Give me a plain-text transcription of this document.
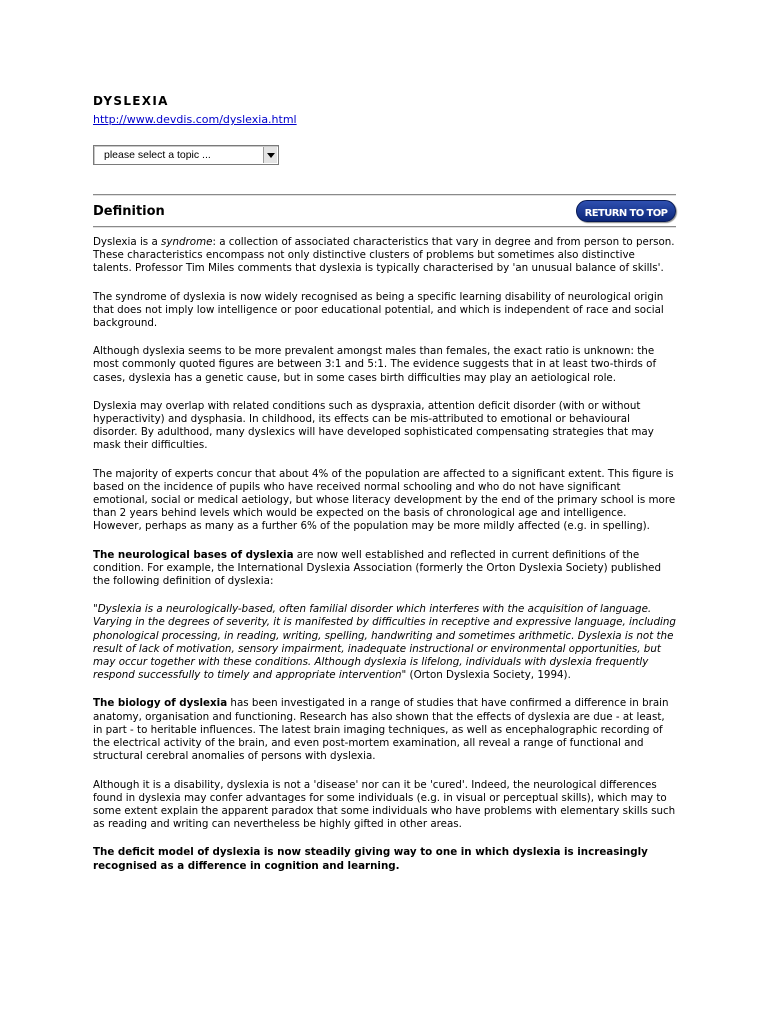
DYSLEXIA
http://www.devdis.com/dyslexia.html
please select a topic ...
Definition	RETURN TO TOP

Dyslexia is a syndrome: a collection of associated characteristics that vary in degree and from person to person. These characteristics encompass not only distinctive clusters of problems but sometimes also distinctive talents. Professor Tim Miles comments that dyslexia is typically characterised by 'an unusual balance of skills'.

The syndrome of dyslexia is now widely recognised as being a specific learning disability of neurological origin that does not imply low intelligence or poor educational potential, and which is independent of race and social background.

Although dyslexia seems to be more prevalent amongst males than females, the exact ratio is unknown: the most commonly quoted figures are between 3:1 and 5:1. The evidence suggests that in at least two-thirds of cases, dyslexia has a genetic cause, but in some cases birth difficulties may play an aetiological role.

Dyslexia may overlap with related conditions such as dyspraxia, attention deficit disorder (with or without hyperactivity) and dysphasia. In childhood, its effects can be mis-attributed to emotional or behavioural disorder. By adulthood, many dyslexics will have developed sophisticated compensating strategies that may mask their difficulties.

The majority of experts concur that about 4% of the population are affected to a significant extent. This figure is based on the incidence of pupils who have received normal schooling and who do not have significant emotional, social or medical aetiology, but whose literacy development by the end of the primary school is more than 2 years behind levels which would be expected on the basis of chronological age and intelligence. However, perhaps as many as a further 6% of the population may be more mildly affected (e.g. in spelling).

The neurological bases of dyslexia are now well established and reflected in current definitions of the condition. For example, the International Dyslexia Association (formerly the Orton Dyslexia Society) published the following definition of dyslexia:

"Dyslexia is a neurologically-based, often familial disorder which interferes with the acquisition of language. Varying in the degrees of severity, it is manifested by difficulties in receptive and expressive language, including phonological processing, in reading, writing, spelling, handwriting and sometimes arithmetic. Dyslexia is not the result of lack of motivation, sensory impairment, inadequate instructional or environmental opportunities, but may occur together with these conditions. Although dyslexia is lifelong, individuals with dyslexia frequently respond successfully to timely and appropriate intervention" (Orton Dyslexia Society, 1994).

The biology of dyslexia has been investigated in a range of studies that have confirmed a difference in brain anatomy, organisation and functioning. Research has also shown that the effects of dyslexia are due - at least, in part - to heritable influences. The latest brain imaging techniques, as well as encephalographic recording of the electrical activity of the brain, and even post-mortem examination, all reveal a range of functional and structural cerebral anomalies of persons with dyslexia.

Although it is a disability, dyslexia is not a 'disease' nor can it be 'cured'. Indeed, the neurological differences found in dyslexia may confer advantages for some individuals (e.g. in visual or perceptual skills), which may to some extent explain the apparent paradox that some individuals who have problems with elementary skills such as reading and writing can nevertheless be highly gifted in other areas.

The deficit model of dyslexia is now steadily giving way to one in which dyslexia is increasingly recognised as a difference in cognition and learning.
